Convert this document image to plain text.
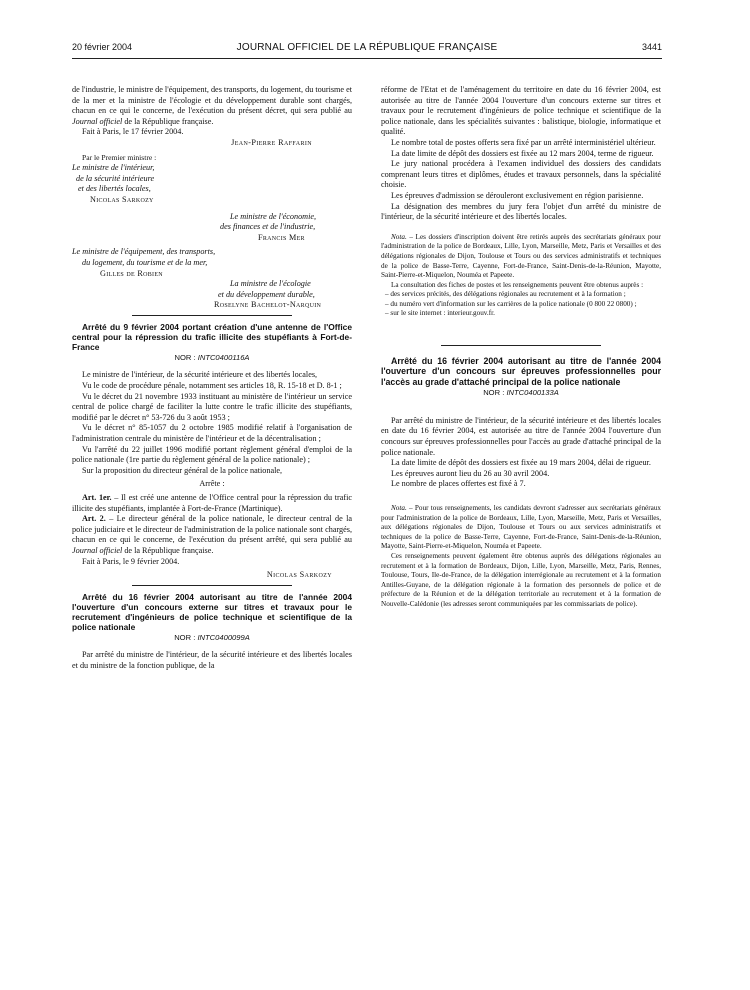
20 février 2004	JOURNAL OFFICIEL DE LA RÉPUBLIQUE FRANÇAISE	3441

de l'industrie, le ministre de l'équipement, des transports, du logement, du tourisme et de la mer et la ministre de l'écologie et du développement durable sont chargés, chacun en ce qui le concerne, de l'exécution du présent décret, qui sera publié au Journal officiel de la République française.

Fait à Paris, le 17 février 2004.

Jean-Pierre Raffarin
Par le Premier ministre :
Le ministre de l'intérieur,
de la sécurité intérieure
et des libertés locales,
Nicolas Sarkozy
Le ministre de l'économie,
des finances et de l'industrie,
Francis Mer
Le ministre de l'équipement, des transports,
du logement, du tourisme et de la mer,
Gilles de Robien
La ministre de l'écologie
et du développement durable,
Roselyne Bachelot-Narquin

Arrêté du 9 février 2004 portant création d'une antenne de l'Office central pour la répression du trafic illicite des stupéfiants à Fort-de-France

NOR : INTC0400116A

Le ministre de l'intérieur, de la sécurité intérieure et des libertés locales,

Vu le code de procédure pénale, notamment ses articles 18, R. 15-18 et D. 8-1 ;

Vu le décret du 21 novembre 1933 instituant au ministère de l'intérieur un service central de police chargé de faciliter la lutte contre le trafic illicite des stupéfiants, modifié par le décret n° 53-726 du 3 août 1953 ;

Vu le décret n° 85-1057 du 2 octobre 1985 modifié relatif à l'organisation de l'administration centrale du ministère de l'intérieur et de la décentralisation ;

Vu l'arrêté du 22 juillet 1996 modifié portant règlement général d'emploi de la police nationale (1re partie du règlement général de la police nationale) ;

Sur la proposition du directeur général de la police nationale,

Arrête :

Art. 1er. – Il est créé une antenne de l'Office central pour la répression du trafic illicite des stupéfiants, implantée à Fort-de-France (Martinique).

Art. 2. – Le directeur général de la police nationale, le directeur central de la police judiciaire et le directeur de l'administration de la police nationale sont chargés, chacun en ce qui le concerne, de l'exécution du présent arrêté, qui sera publié au Journal officiel de la République française.

Fait à Paris, le 9 février 2004.

Nicolas Sarkozy

Arrêté du 16 février 2004 autorisant au titre de l'année 2004 l'ouverture d'un concours externe sur titres et travaux pour le recrutement d'ingénieurs de police technique et scientifique de la police nationale

NOR : INTC0400099A

Par arrêté du ministre de l'intérieur, de la sécurité intérieure et des libertés locales et du ministre de la fonction publique, de la

réforme de l'Etat et de l'aménagement du territoire en date du 16 février 2004, est autorisée au titre de l'année 2004 l'ouverture d'un concours externe sur titres et travaux pour le recrutement d'ingénieurs de police technique et scientifique de la police nationale, dans les spécialités suivantes : balistique, biologie, informatique et qualité.

Le nombre total de postes offerts sera fixé par un arrêté interministériel ultérieur.

La date limite de dépôt des dossiers est fixée au 12 mars 2004, terme de rigueur.

Le jury national procédera à l'examen individuel des dossiers des candidats comprenant leurs titres et diplômes, études et travaux personnels, dans la spécialité choisie.

Les épreuves d'admission se dérouleront exclusivement en région parisienne.

La désignation des membres du jury fera l'objet d'un arrêté du ministre de l'intérieur, de la sécurité intérieure et des libertés locales.

Nota. – Les dossiers d'inscription doivent être retirés auprès des secrétariats généraux pour l'administration de la police de Bordeaux, Lille, Lyon, Marseille, Metz, Paris et Versailles et des délégations régionales de Dijon, Toulouse et Tours ou des services administratifs et techniques de la police de Basse-Terre, Cayenne, Fort-de-France, Saint-Denis-de-la-Réunion, Mayotte, Saint-Pierre-et-Miquelon, Nouméa et Papeete.

La consultation des fiches de postes et les renseignements peuvent être obtenus auprès :

– des services précités, des délégations régionales au recrutement et à la formation ;

– du numéro vert d'information sur les carrières de la police nationale (0 800 22 0800) ;

– sur le site internet : interieur.gouv.fr.

Arrêté du 16 février 2004 autorisant au titre de l'année 2004 l'ouverture d'un concours sur épreuves professionnelles pour l'accès au grade d'attaché principal de la police nationale

NOR : INTC0400133A

Par arrêté du ministre de l'intérieur, de la sécurité intérieure et des libertés locales en date du 16 février 2004, est autorisée au titre de l'année 2004 l'ouverture d'un concours sur épreuves professionnelles pour l'accès au grade d'attaché principal de la police nationale.

La date limite de dépôt des dossiers est fixée au 19 mars 2004, délai de rigueur.

Les épreuves auront lieu du 26 au 30 avril 2004.

Le nombre de places offertes est fixé à 7.

Nota. – Pour tous renseignements, les candidats devront s'adresser aux secrétariats généraux pour l'administration de la police de Bordeaux, Lille, Lyon, Marseille, Metz, Paris et Versailles, aux délégations régionales de Dijon, Toulouse et Tours ou aux services administratifs et techniques de la police de Basse-Terre, Cayenne, Fort-de-France, Saint-Denis-de-la-Réunion, Mayotte, Saint-Pierre-et-Miquelon, Nouméa et Papeete.

Ces renseignements peuvent également être obtenus auprès des délégations régionales au recrutement et à la formation de Bordeaux, Dijon, Lille, Lyon, Marseille, Metz, Paris, Rennes, Toulouse, Tours, Ile-de-France, de la délégation interrégionale au recrutement et à la formation Antilles-Guyane, de la délégation régionale à la formation des personnels de police et de préfecture de la Réunion et de la délégation territoriale au recrutement et à la formation de Nouvelle-Calédonie (les adresses seront communiquées par les commissariats de police).
